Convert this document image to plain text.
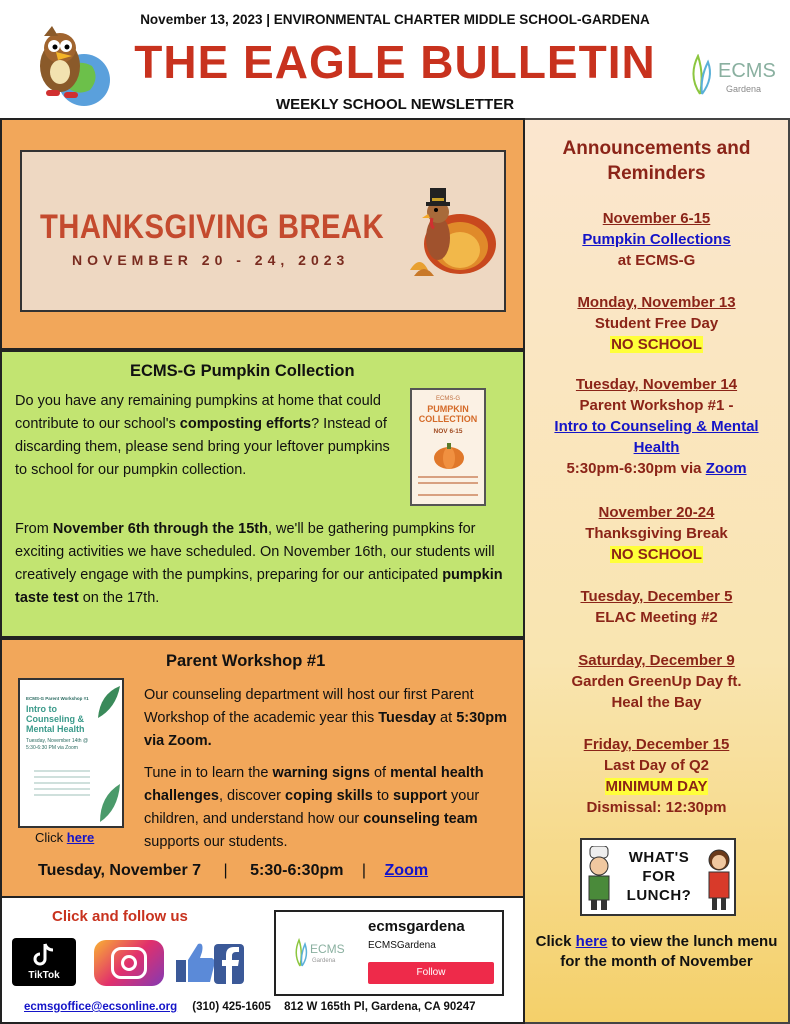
November 13, 2023 | ENVIRONMENTAL CHARTER MIDDLE SCHOOL-GARDENA
THE EAGLE BULLETIN
WEEKLY SCHOOL NEWSLETTER
ECMS
Gardena
THANKSGIVING BREAK
NOVEMBER 20 - 24, 2023
ECMS-G Pumpkin Collection
Do you have any remaining pumpkins at home that could contribute to our school's composting efforts? Instead of discarding them, please send bring your leftover pumpkins to school for our pumpkin collection.
ECMS-G
PUMPKIN COLLECTION
NOV 6-15
From November 6th through the 15th, we'll be gathering pumpkins for exciting activities we have scheduled. On November 16th, our students will creatively engage with the pumpkins, preparing for our anticipated pumpkin taste test on the 17th.
Parent Workshop #1
ECMS-G Parent Workshop #1
Intro to Counseling & Mental Health
Tuesday, November 14th @ 5:30-6:30 PM via Zoom
Click here
Our counseling department will host our first Parent Workshop of the academic year this Tuesday at 5:30pm via Zoom.
Tune in to learn the warning signs of mental health challenges, discover coping skills to support your children, and understand how our counseling team supports our students.
Tuesday, November 7 | 5:30-6:30pm | Zoom
Announcements and Reminders
November 6-15
Pumpkin Collections
at ECMS-G
Monday, November 13
Student Free Day
NO SCHOOL
Tuesday, November 14
Parent Workshop #1 -
Intro to Counseling & Mental Health
5:30pm-6:30pm via Zoom
November 20-24
Thanksgiving Break
NO SCHOOL
Tuesday, December 5
ELAC Meeting #2
Saturday, December 9
Garden GreenUp Day ft. Heal the Bay
Friday, December 15
Last Day of Q2
MINIMUM DAY
Dismissal: 12:30pm
WHAT'S FOR LUNCH?
Click here to view the lunch menu for the month of November
Click and follow us
TikTok
ECMS
Gardena
ecmsgardena
ECMSGardena
Follow
ecmsgoffice@ecsonline.org (310) 425-1605 812 W 165th Pl, Gardena, CA 90247
